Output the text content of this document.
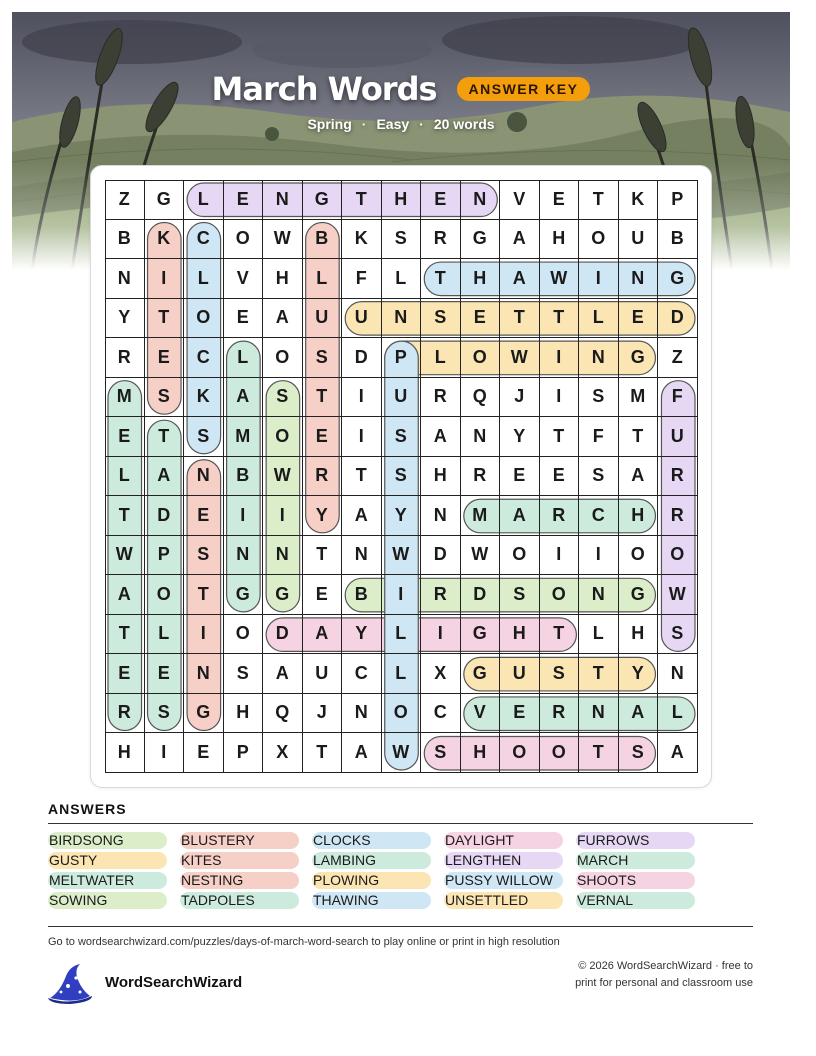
March Words	ANSWER KEY
Spring · Easy · 20 words
Z	G	L	E	N	G	T	H	E	N	V	E	T	K	P
B	K	C	O	W	B	K	S	R	G	A	H	O	U	B
N	I	L	V	H	L	F	L	T	H	A	W	I	N	G
Y	T	O	E	A	U	U	N	S	E	T	T	L	E	D
R	E	C	L	O	S	D	P	L	O	W	I	N	G	Z
M	S	K	A	S	T	I	U	R	Q	J	I	S	M	F
E	T	S	M	O	E	I	S	A	N	Y	T	F	T	U
L	A	N	B	W	R	T	S	H	R	E	E	S	A	R
T	D	E	I	I	Y	A	Y	N	M	A	R	C	H	R
W	P	S	N	N	T	N	W	D	W	O	I	I	O	O
A	O	T	G	G	E	B	I	R	D	S	O	N	G	W
T	L	I	O	D	A	Y	L	I	G	H	T	L	H	S
E	E	N	S	A	U	C	L	X	G	U	S	T	Y	N
R	S	G	H	Q	J	N	O	C	V	E	R	N	A	L
H	I	E	P	X	T	A	W	S	H	O	O	T	S	A
ANSWERS
BIRDSONG	BLUSTERY	CLOCKS	DAYLIGHT	FURROWS
GUSTY	KITES	LAMBING	LENGTHEN	MARCH
MELTWATER	NESTING	PLOWING	PUSSY WILLOW	SHOOTS
SOWING	TADPOLES	THAWING	UNSETTLED	VERNAL
Go to wordsearchwizard.com/puzzles/days-of-march-word-search to play online or print in high resolution
WordSearchWizard
© 2026 WordSearchWizard · free to print for personal and classroom use
